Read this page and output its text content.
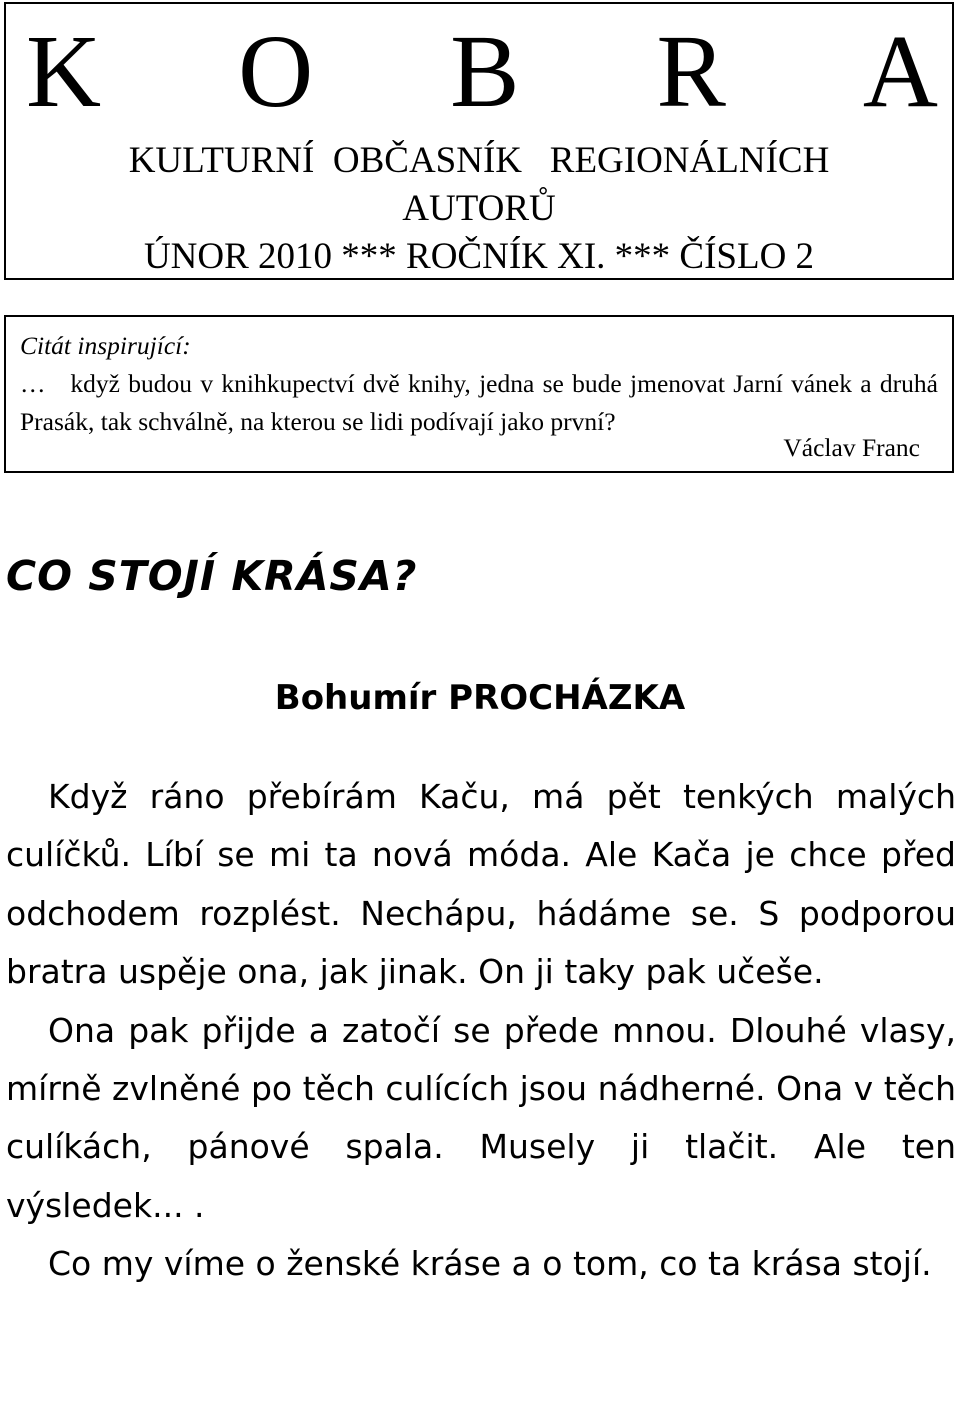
K O B R A
KULTURNÍ  OBČASNÍK   REGIONÁLNÍCH
AUTORŮ
ÚNOR 2010 *** ROČNÍK XI. *** ČÍSLO 2
Citát inspirující:
…   když budou v knihkupectví dvě knihy, jedna se bude jmenovat Jarní vánek a druhá Prasák, tak schválně, na kterou se lidi podívají jako první?
Václav Franc
CO STOJÍ KRÁSA?
Bohumír PROCHÁZKA

Když ráno přebírám Kaču, má pět tenkých malých culíčků. Líbí se mi ta nová móda. Ale Kača je chce před odchodem rozplést. Nechápu, hádáme se. S podporou bratra uspěje ona, jak jinak. On ji taky pak učeše.

Ona pak přijde a zatočí se přede mnou. Dlouhé vlasy, mírně zvlněné po těch culících jsou nádherné. Ona v těch culíkách, pánové spala. Musely ji tlačit. Ale ten výsledek... .

Co my víme o ženské kráse a o tom, co ta krása stojí.
